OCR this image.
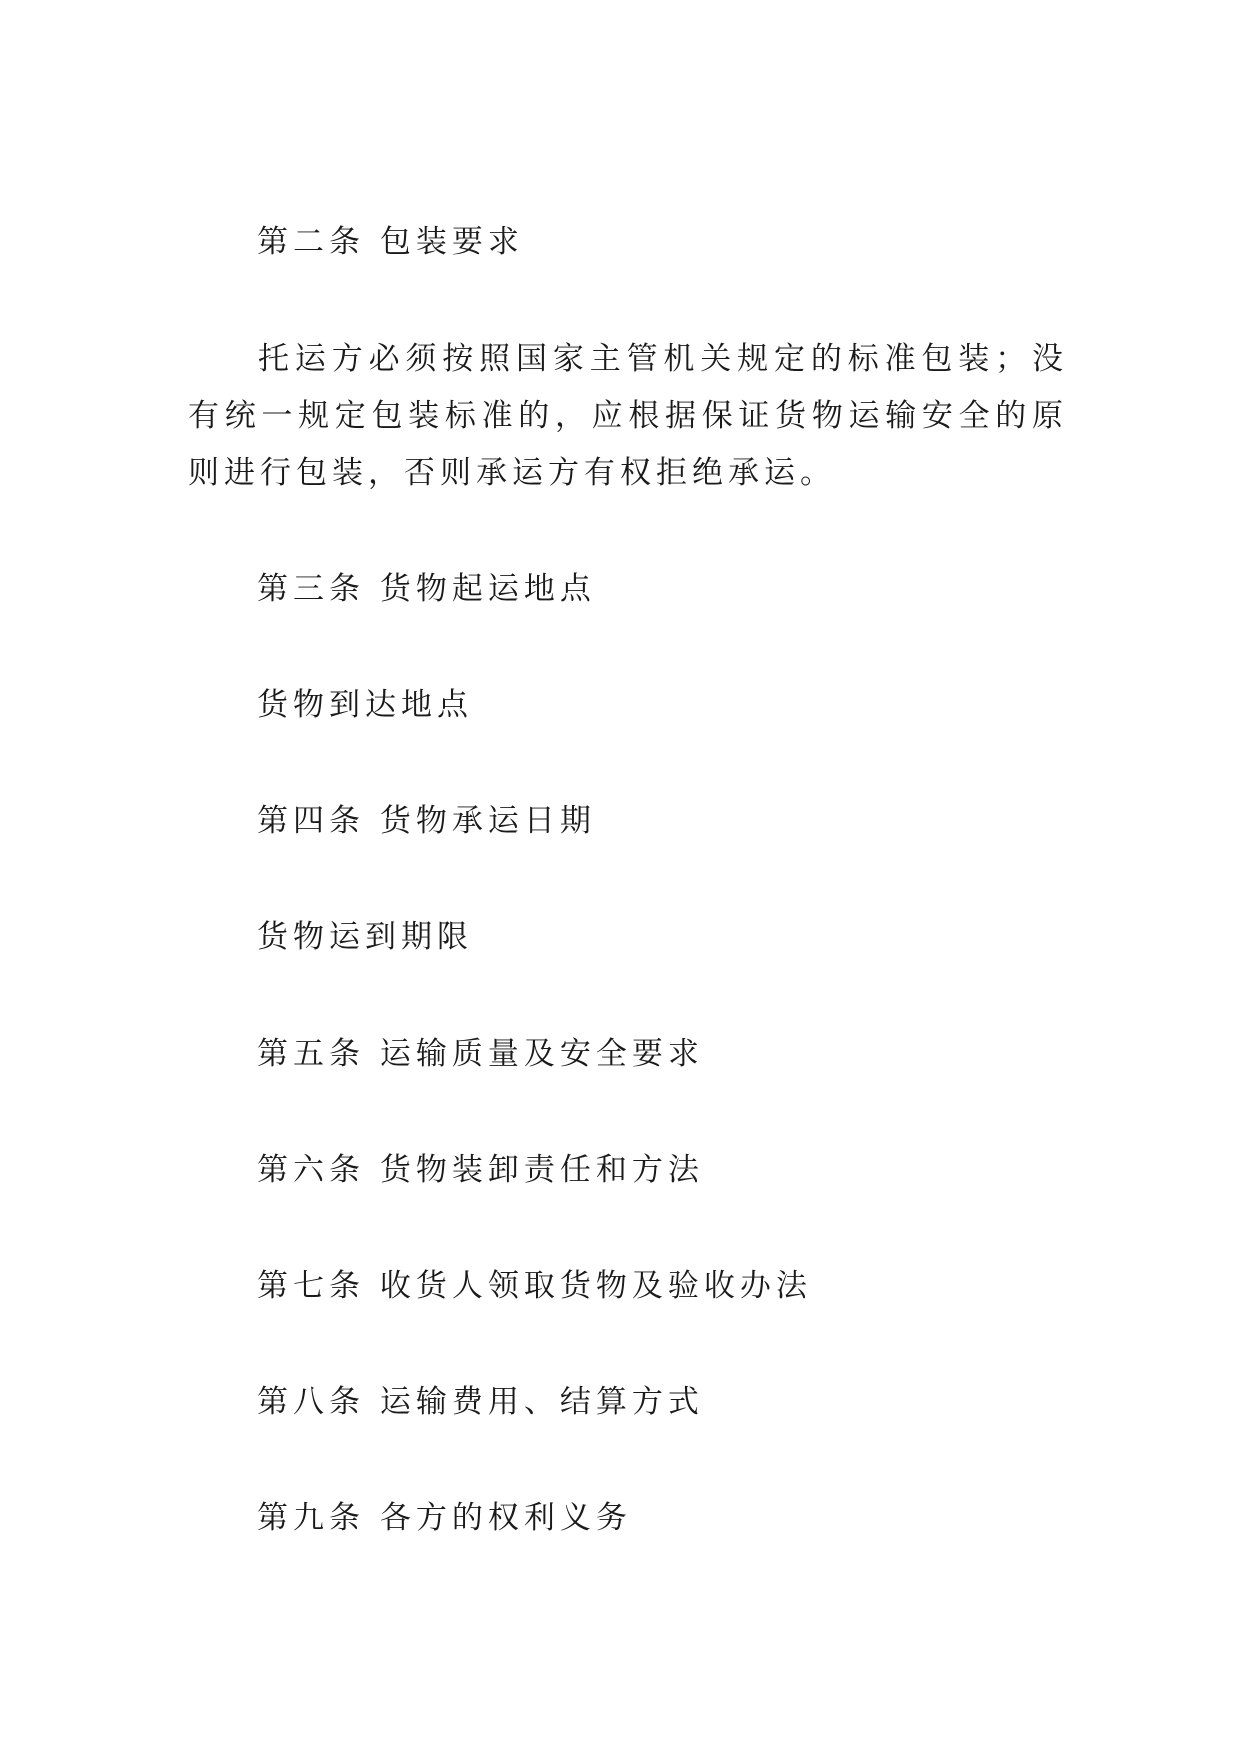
第二条 包装要求
托运方必须按照国家主管机关规定的标准包装；没有统一规定包装标准的，应根据保证货物运输安全的原则进行包装，否则承运方有权拒绝承运。
第三条 货物起运地点
货物到达地点
第四条 货物承运日期
货物运到期限
第五条 运输质量及安全要求
第六条 货物装卸责任和方法
第七条 收货人领取货物及验收办法
第八条 运输费用、结算方式
第九条 各方的权利义务
